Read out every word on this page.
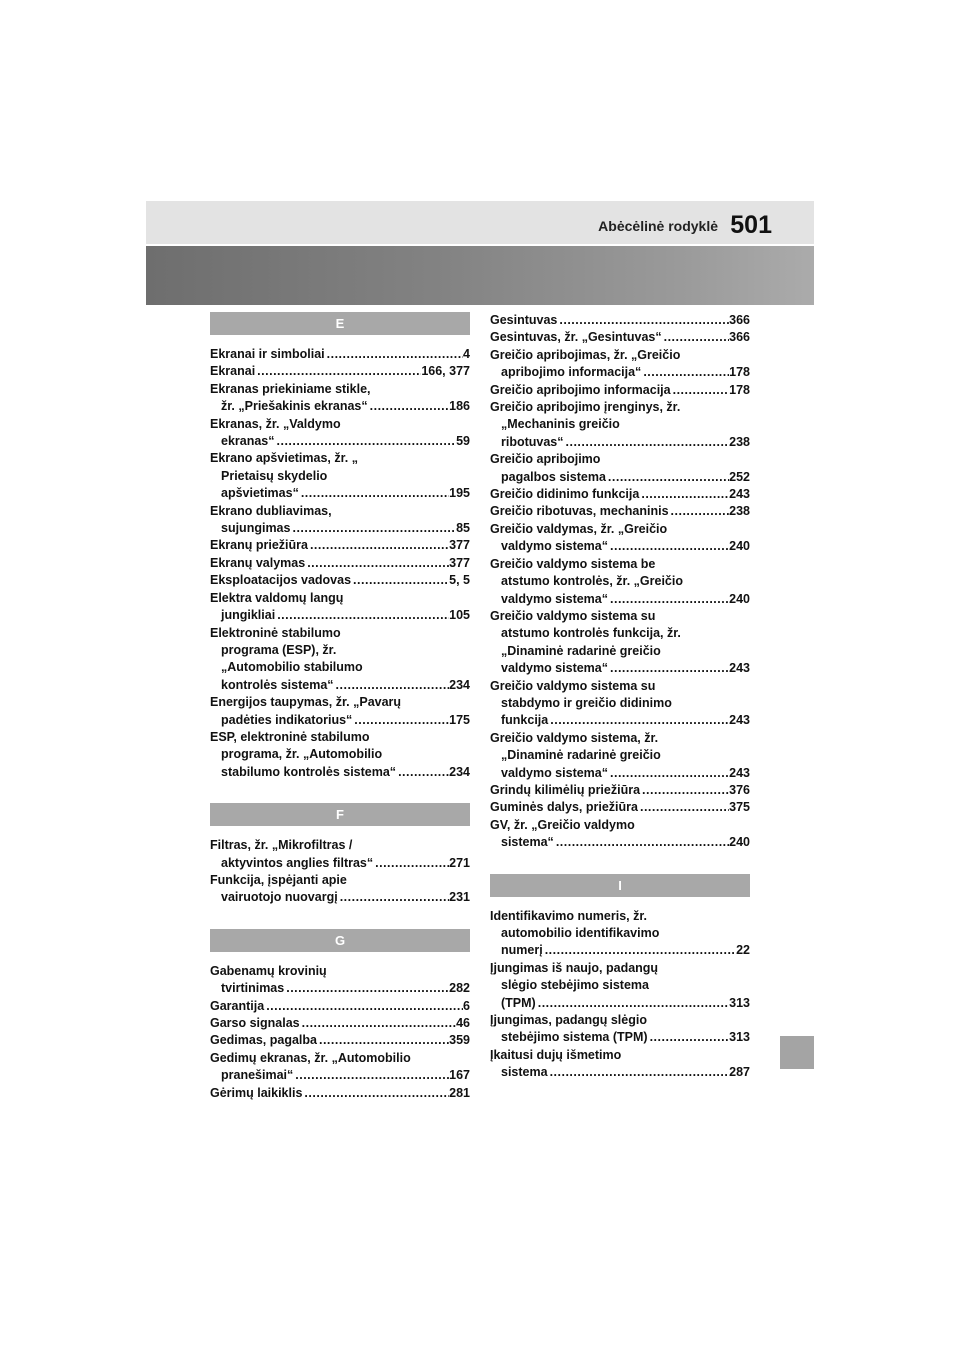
Abėcėlinė rodyklė 501
E
Ekranai ir simboliai .....	4
Ekranai .....	166, 377
Ekranas priekiniame stikle,
žr. „Priešakinis ekranas“ .....	186
Ekranas, žr. „Valdymo
ekranas“ .....	59
Ekrano apšvietimas, žr. „
Prietaisų skydelio
apšvietimas“ .....	195
Ekrano dubliavimas,
sujungimas .....	85
Ekranų priežiūra .....	377
Ekranų valymas .....	377
Eksploatacijos vadovas .....	5, 5
Elektra valdomų langų
jungikliai .....	105
Elektroninė stabilumo
programa (ESP), žr.
„Automobilio stabilumo
kontrolės sistema“ .....	234
Energijos taupymas, žr. „Pavarų
padėties indikatorius“ .....	175
ESP, elektroninė stabilumo
programa, žr. „Automobilio
stabilumo kontrolės sistema“ .....	234
F
Filtras, žr. „Mikrofiltras /
aktyvintos anglies filtras“ .....	271
Funkcija, įspėjanti apie
vairuotojo nuovargį .....	231
G
Gabenamų krovinių
tvirtinimas .....	282
Garantija .....	6
Garso signalas .....	46
Gedimas, pagalba .....	359
Gedimų ekranas, žr. „Automobilio
pranešimai“ .....	167
Gėrimų laikiklis .....	281
Gesintuvas .....	366
Gesintuvas, žr. „Gesintuvas“ .....	366
Greičio apribojimas, žr. „Greičio
apribojimo informacija“ .....	178
Greičio apribojimo informacija .....	178
Greičio apribojimo įrenginys, žr.
„Mechaninis greičio
ribotuvas“ .....	238
Greičio apribojimo
pagalbos sistema .....	252
Greičio didinimo funkcija .....	243
Greičio ribotuvas, mechaninis .....	238
Greičio valdymas, žr. „Greičio
valdymo sistema“ .....	240
Greičio valdymo sistema be
atstumo kontrolės, žr. „Greičio
valdymo sistema“ .....	240
Greičio valdymo sistema su
atstumo kontrolės funkcija, žr.
„Dinaminė radarinė greičio
valdymo sistema“ .....	243
Greičio valdymo sistema su
stabdymo ir greičio didinimo
funkcija .....	243
Greičio valdymo sistema, žr.
„Dinaminė radarinė greičio
valdymo sistema“ .....	243
Grindų kilimėlių priežiūra .....	376
Guminės dalys, priežiūra .....	375
GV, žr. „Greičio valdymo
sistema“ .....	240
I
Identifikavimo numeris, žr.
automobilio identifikavimo
numerį .....	22
Įjungimas iš naujo, padangų
slėgio stebėjimo sistema
(TPM) .....	313
Įjungimas, padangų slėgio
stebėjimo sistema (TPM) .....	313
Įkaitusi dujų išmetimo
sistema .....	287
